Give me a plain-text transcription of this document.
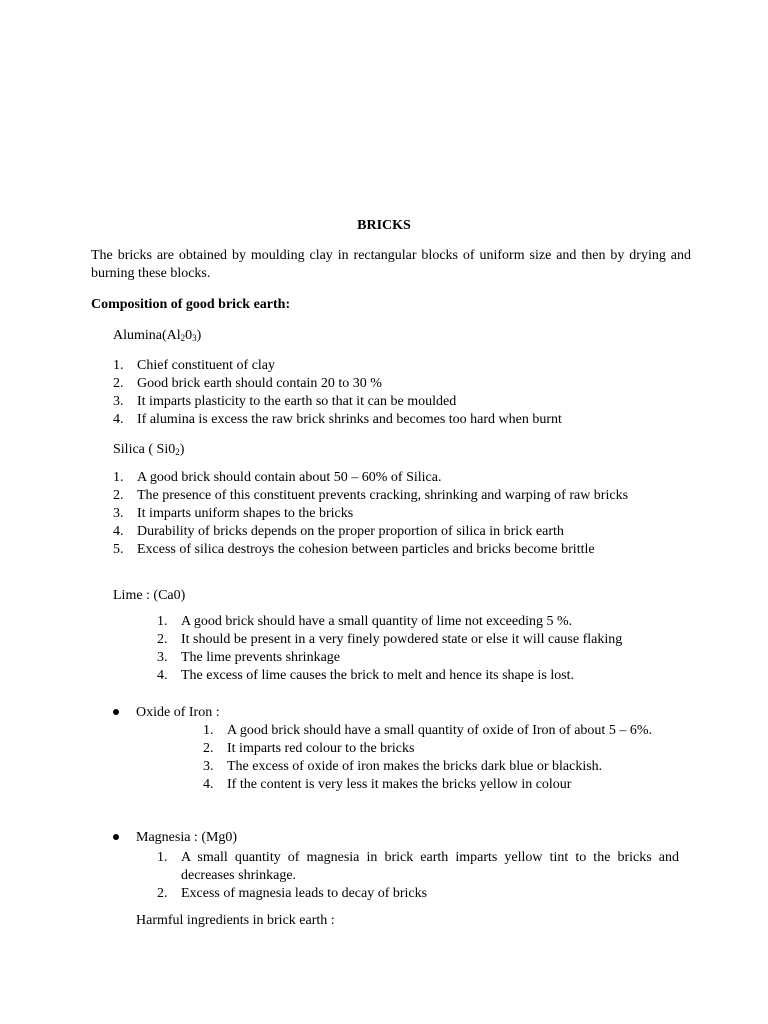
BRICKS
The bricks are obtained by moulding clay in rectangular blocks of uniform size and then by drying and burning these blocks.
Composition of good brick earth:
$Alumina(Al_20_3)$
1. Chief constituent of clay
2. Good brick earth should contain 20 to 30 %
3. It imparts plasticity to the earth so that it can be moulded
4. If alumina is excess the raw brick shrinks and becomes too hard when burnt
Silica ( $Si0_2$)
1. A good brick should contain about 50 – 60% of Silica.
2. The presence of this constituent prevents cracking, shrinking and warping of raw bricks
3. It imparts uniform shapes to the bricks
4. Durability of bricks depends on the proper proportion of silica in brick earth
5. Excess of silica destroys the cohesion between particles and bricks become brittle
Lime : (Ca0)
1. A good brick should have a small quantity of lime not exceeding 5 %.
2. It should be present in a very finely powdered state or else it will cause flaking
3. The lime prevents shrinkage
4. The excess of lime causes the brick to melt and hence its shape is lost.
Oxide of Iron :
1. A good brick should have a small quantity of oxide of Iron of about 5 – 6%.
2. It imparts red colour to the bricks
3. The excess of oxide of iron makes the bricks dark blue or blackish.
4. If the content is very less it makes the bricks yellow in colour
Magnesia : (Mg0)
1. A small quantity of magnesia in brick earth imparts yellow tint to the bricks and decreases shrinkage.
2. Excess of magnesia leads to decay of bricks
Harmful ingredients in brick earth :
